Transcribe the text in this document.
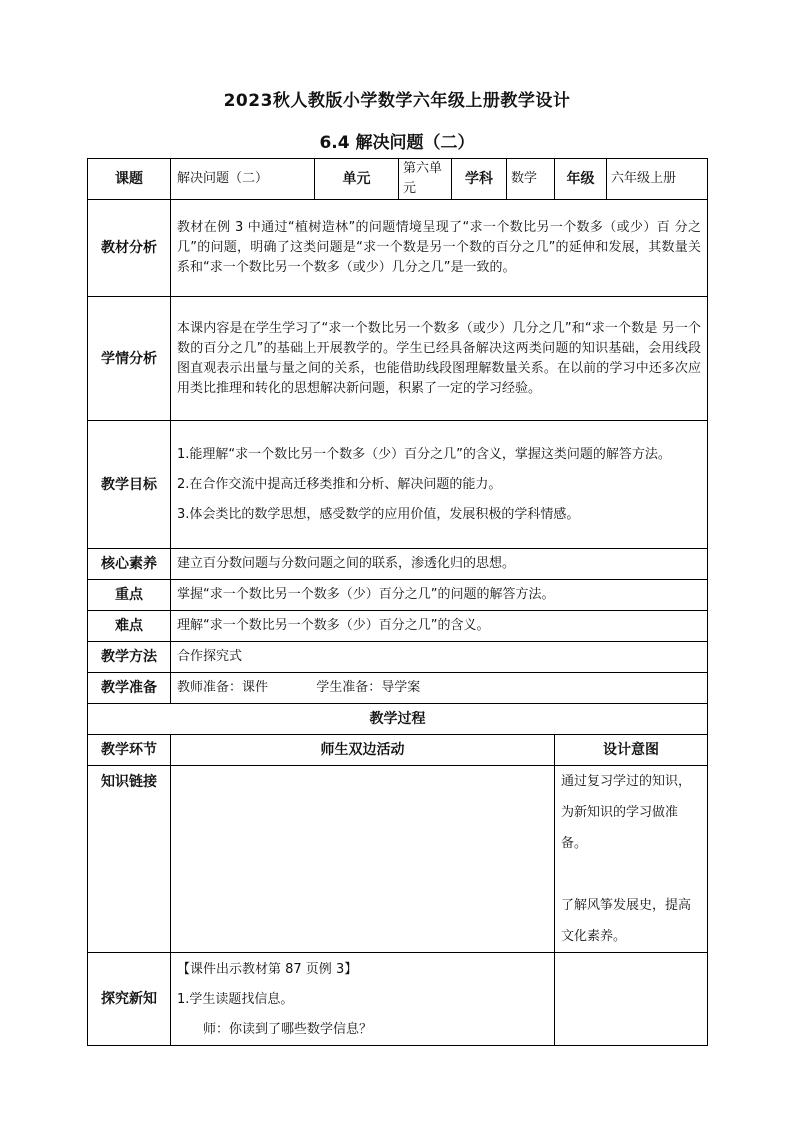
2023秋人教版小学数学六年级上册教学设计
6.4 解决问题（二）
课题	解决问题（二）	单元	第六单元	学科	数学	年级	六年级上册
教材分析	教材在例 3 中通过“植树造林”的问题情境呈现了“求一个数比另一个数多（或少）百 分之几”的问题，明确了这类问题是“求一个数是另一个数的百分之几”的延伸和发展，其数量关系和“求一个数比另一个数多（或少）几分之几”是一致的。						
学情分析	本课内容是在学生学习了“求一个数比另一个数多（或少）几分之几”和“求一个数是 另一个数的百分之几”的基础上开展教学的。学生已经具备解决这两类问题的知识基础，会用线段图直观表示出量与量之间的关系，也能借助线段图理解数量关系。在以前的学习中还多次应用类比推理和转化的思想解决新问题，积累了一定的学习经验。						
教学目标	1.能理解“求一个数比另一个数多（少）百分之几”的含义，掌握这类问题的解答方法。

2.在合作交流中提高迁移类推和分析、解决问题的能力。

3.体会类比的数学思想，感受数学的应用价值，发展积极的学科情感。						

核心素养	建立百分数问题与分数问题之间的联系，渗透化归的思想。						
重点	掌握“求一个数比另一个数多（少）百分之几”的问题的解答方法。						
难点	理解“求一个数比另一个数多（少）百分之几”的含义。						
教学方法	合作探究式						
教学准备	教师准备：课件 学生准备：导学案						
教学过程							
教学环节	师生双边活动					设计意图	
知识链接						通过复习学过的知识，为新知识的学习做准备。

了解风筝发展史，提高文化素养。	

探究新知	【课件出示教材第 87 页例 3】

1.学生读题找信息。

师：你读到了哪些数学信息？						
